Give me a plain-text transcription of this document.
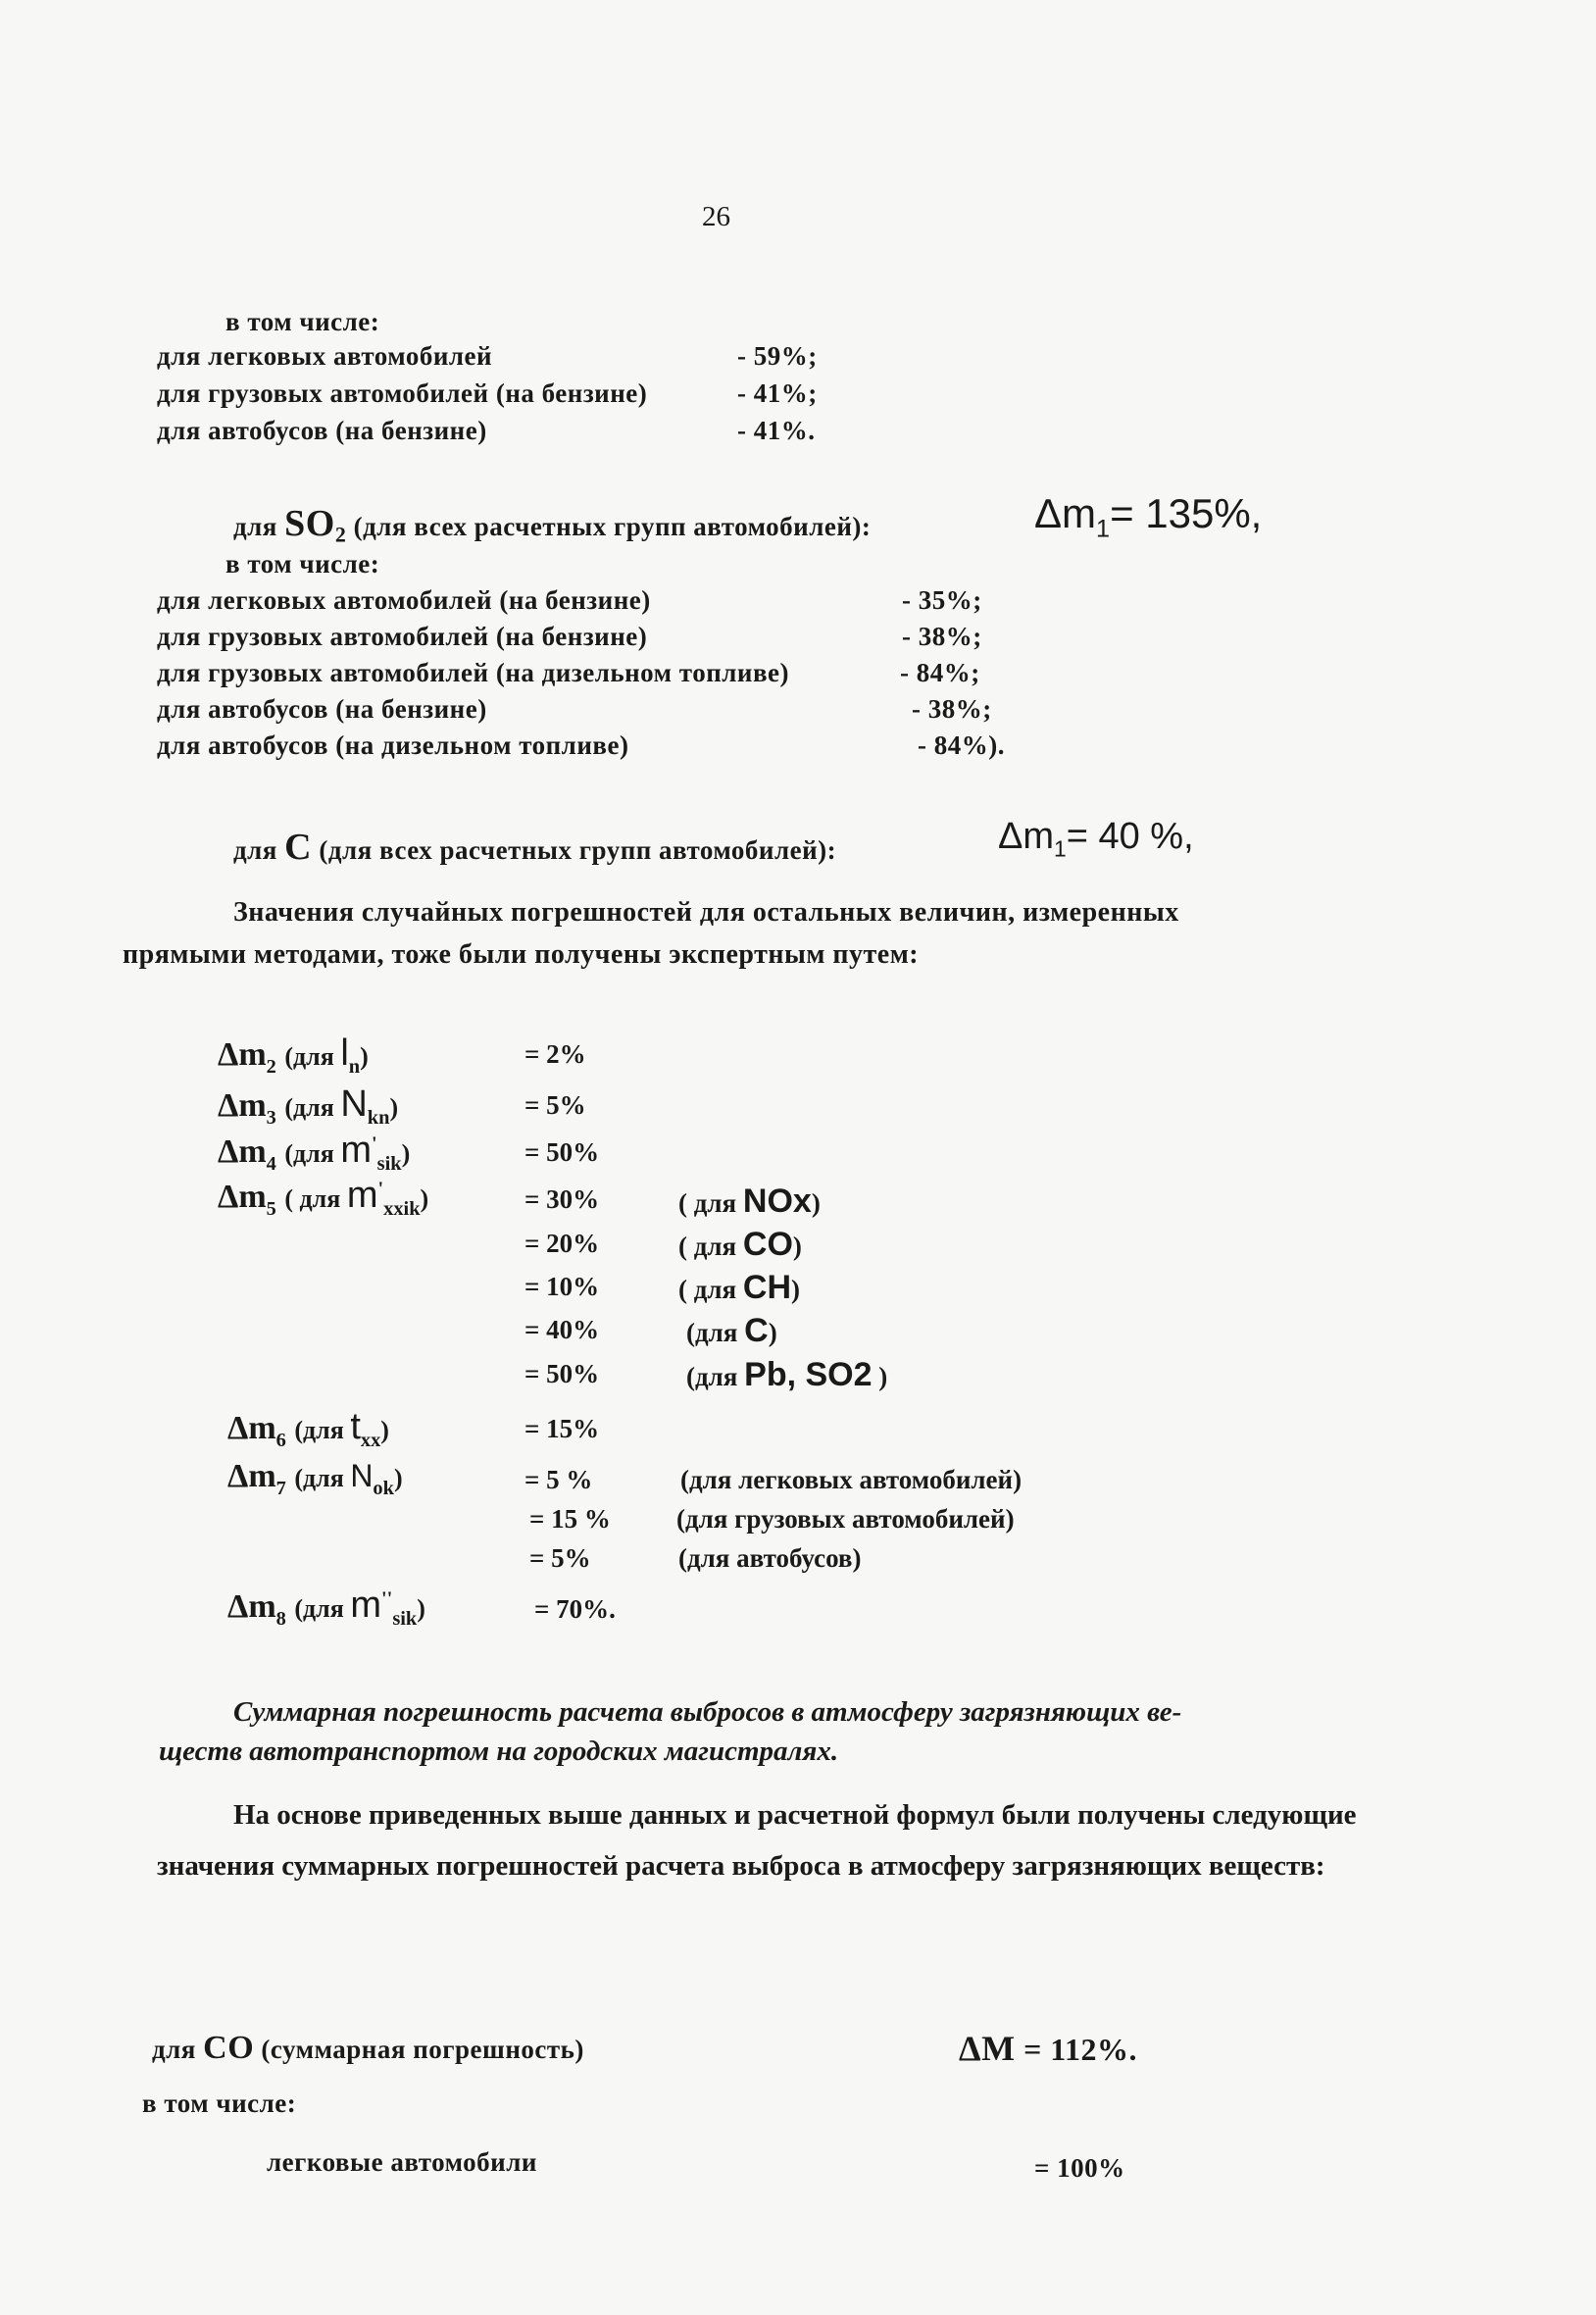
26
в том числе:
для легковых автомобилей	- 59%;
для грузовых автомобилей (на бензине)	- 41%;
для автобусов (на бензине)	- 41%.
для $SO_2$ (для всех расчетных групп автомобилей):	$\Delta m_1= 135\%$,
в том числе:
для легковых автомобилей (на бензине)	- 35%;
для грузовых автомобилей (на бензине)	- 38%;
для грузовых автомобилей (на дизельном топливе)	- 84%;
для автобусов (на бензине)	- 38%;
для автобусов (на дизельном топливе)	- 84%).
для C (для всех расчетных групп автомобилей):	$\Delta m_1= 40$ %,
Значения случайных погрешностей для остальных величин, измеренных
прямыми методами, тоже были получены экспертным путем:
$\Delta m_2$ (для $l_n$)	= 2%
$\Delta m_3$ (для $N_{kn}$)	= 5%
$\Delta m_4$ (для $m'_{sik}$)	= 50%
$\Delta m_5$ ( для $m'_{xxik}$)	= 30%	( для NOx)
= 20%	( для CO)
= 10%	( для CH)
= 40%	(для C)
= 50%	(для Pb, SO2 )
$\Delta m_6$ (для $t_{xx}$)	= 15%
$\Delta m_7$ (для $N_{ok}$)	= 5 %	(для легковых автомобилей)
= 15 % (для грузовых автомобилей)
= 5%	(для автобусов)
$\Delta m_8$ (для $m''_{sik}$)	= 70%.
Суммарная погрешность расчета выбросов в атмосферу загрязняющих ве-
ществ автотранспортом на городских магистралях.
На основе приведенных выше данных и расчетной формул были получены следующие значения суммарных погрешностей расчета выброса в атмосферу загрязняющих веществ:
для CO (суммарная погрешность)	ΔM = 112%.
в том числе:
легковые автомобили	= 100%
